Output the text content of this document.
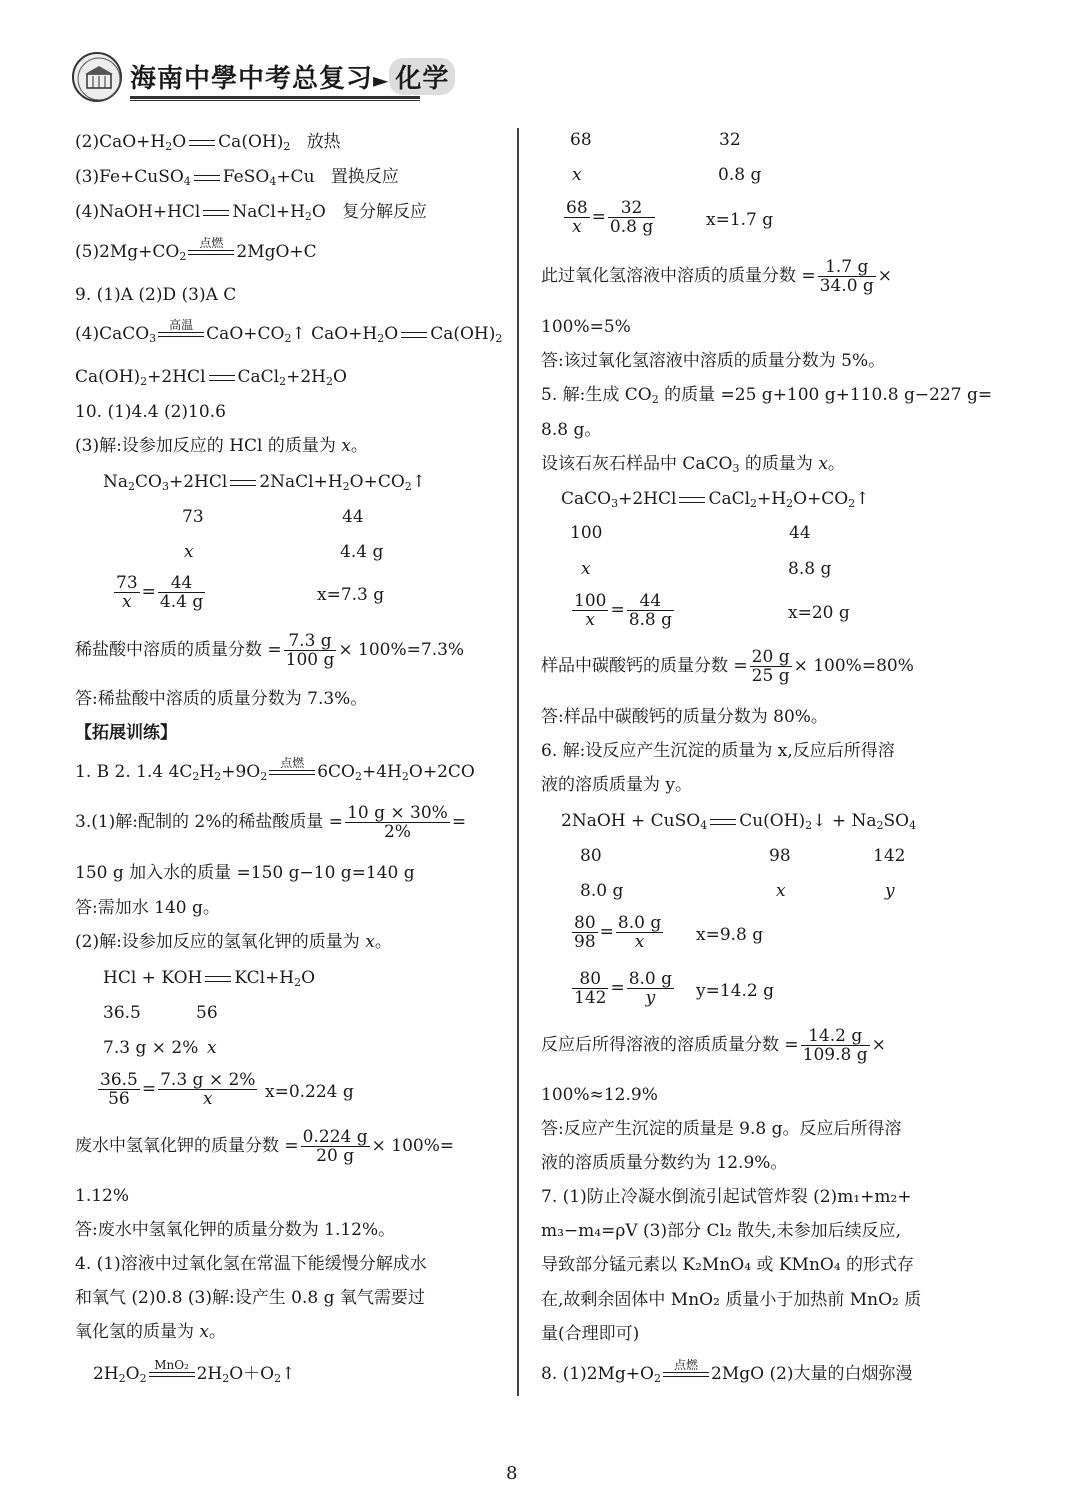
海南中學中考总复习► 化学
$(2)CaO+H_2O$ $Ca(OH)_2$ 放热
(3)Fe+CuSO$_4$ FeSO$_4$+Cu 置换反应
(4)NaOH+HCl $NaCl+H_2O$ 复分解反应
$(5)2Mg+CO_2$
点燃
2MgO+C
9. (1)A (2)D (3)A C
(4)CaCO$_3$
高温
$CaO+CO_2↑$ $CaO+H_2O$ $Ca(OH)_2$
$Ca(OH)_2+2HCl$ $CaCl_2+2H_2O$
10. (1)4.4 (2)10.6
(3)解:设参加反应的 HCl 的质量为 x。
$Na_2CO_3+2HCl$ $2NaCl+H_2O+CO_2↑$
73	44
x	4.4 g
$\frac{73}{x} = \frac{44}{4.4 g}$	x=7.3 g
稀盐酸中溶质的质量分数 = $\frac{7.3 g}{100 g} \times 100\%=7.3\%$
答:稀盐酸中溶质的质量分数为 7.3%。
【拓展训练】
1. B 2. 1.4 $4C_2H_2+9O_2$
点燃
$6CO_2+4H_2O+2CO$
3.(1)解:配制的 2%的稀盐酸质量 = $\frac{10 g \times 30\%}{2\%}$ =
150 g 加入水的质量 =150 g−10 g=140 g
答:需加水 140 g。
(2)解:设参加反应的氢氧化钾的质量为 x。
HCl + KOH $KCl+H_2O$
36.5	56
7.3 g × 2% x
$\frac{36.5}{56} = \frac{7.3 g \times 2\%}{x} x=0.224$ g
废水中氢氧化钾的质量分数 = $\frac{0.224 g}{20 g} \times 100\%=$
1.12%
答:废水中氢氧化钾的质量分数为 1.12%。
4. (1)溶液中过氧化氢在常温下能缓慢分解成水
和氧气 (2)0.8 (3)解:设产生 0.8 g 氧气需要过
氧化氢的质量为 x。
$2H_2O_2$
MnO₂
$2H_2O+O_2↑$
68	32
x	0.8 g
$\frac{68}{x} = \frac{32}{0.8 g}$	x=1.7 g
此过氧化氢溶液中溶质的质量分数 = $\frac{1.7 g}{34.0 g}$ ×
100%=5%
答:该过氧化氢溶液中溶质的质量分数为 5%。
5. 解:生成 $CO_2$ 的质量 =25 g+100 g+110.8 g−227 g=
8.8 g。
设该石灰石样品中 CaCO$_3$ 的质量为 x。
CaCO$_3$+2HCl $CaCl_2+H_2O+CO_2↑$
100	44
x	8.8 g
$\frac{100}{x} = \frac{44}{8.8 g}$	x=20 g
样品中碳酸钙的质量分数 = $\frac{20 g}{25 g} \times 100\%=80\%$
答:样品中碳酸钙的质量分数为 80%。
6. 解:设反应产生沉淀的质量为 x,反应后所得溶
液的溶质质量为 y。
2NaOH + CuSO$_4$ $Cu(OH)_2↓ + Na_2SO_4$
80	98	142
8.0 g	x	y
$\frac{80}{98} = \frac{8.0 g}{x} x=9.8$ g
$\frac{80}{142} = \frac{8.0 g}{y} y=14.2$ g
反应后所得溶液的溶质质量分数 = $\frac{14.2 g}{109.8 g}$ ×
100%≈12.9%
答:反应产生沉淀的质量是 9.8 g。反应后所得溶
液的溶质质量分数约为 12.9%。
7. (1)防止冷凝水倒流引起试管炸裂 (2)m₁+m₂+
m₃−m₄=ρV (3)部分 Cl₂ 散失,未参加后续反应,
导致部分锰元素以 K₂MnO₄ 或 KMnO₄ 的形式存
在,故剩余固体中 MnO₂ 质量小于加热前 MnO₂ 质
量(合理即可)
8. $(1)2Mg+O_2$
点燃
2MgO (2)大量的白烟弥漫
8
